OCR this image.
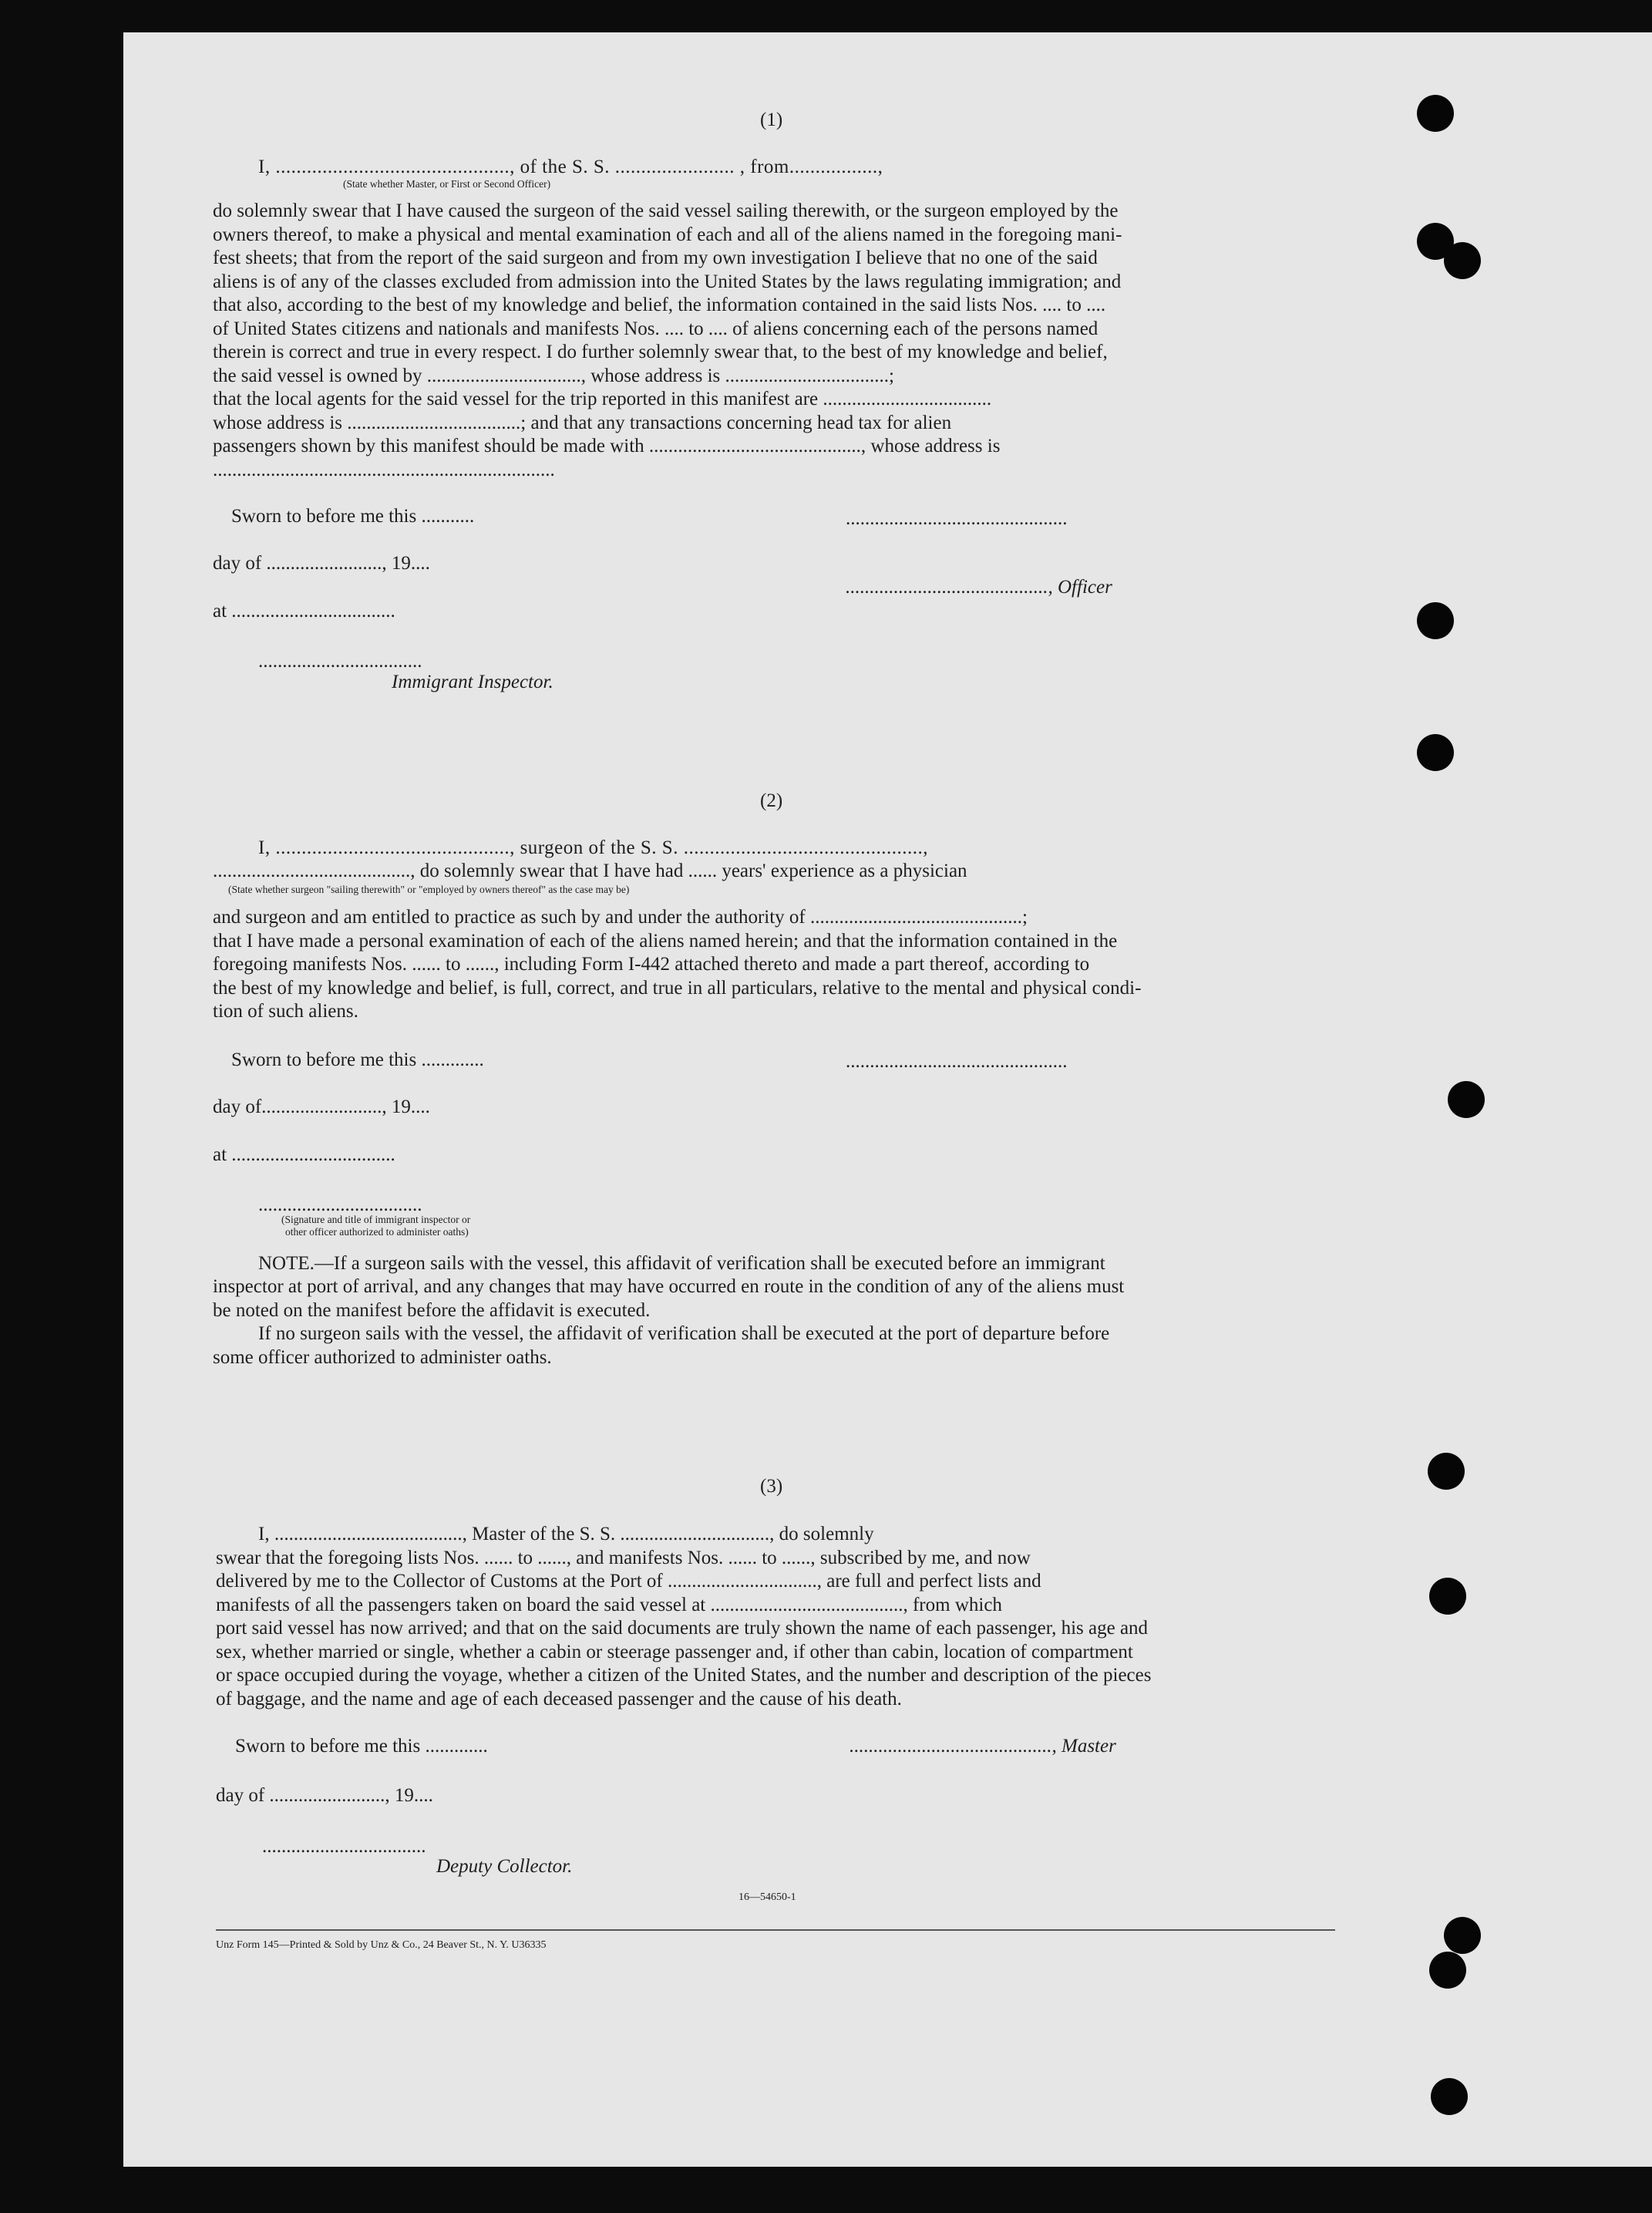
(1)
I, ............................................., of the S. S. ....................... , from.................,
(State whether Master, or First or Second Officer)
do solemnly swear that I have caused the surgeon of the said vessel sailing therewith, or the surgeon employed by the
owners thereof, to make a physical and mental examination of each and all of the aliens named in the foregoing mani-
fest sheets; that from the report of the said surgeon and from my own investigation I believe that no one of the said
aliens is of any of the classes excluded from admission into the United States by the laws regulating immigration; and
that also, according to the best of my knowledge and belief, the information contained in the said lists Nos. .... to ....
of United States citizens and nationals and manifests Nos. .... to .... of aliens concerning each of the persons named
therein is correct and true in every respect. I do further solemnly swear that, to the best of my knowledge and belief,
the said vessel is owned by ................................, whose address is ..................................;
that the local agents for the said vessel for the trip reported in this manifest are ...................................
whose address is ....................................; and that any transactions concerning head tax for alien
passengers shown by this manifest should be made with ............................................, whose address is
.......................................................................
Sworn to before me this ...........	..............................................
day of ........................, 19....
.........................................., Officer
at ..................................
..................................
Immigrant Inspector.
(2)
I, ............................................., surgeon of the S. S. ..............................................,
........................................., do solemnly swear that I have had ...... years' experience as a physician
(State whether surgeon "sailing therewith" or "employed by owners thereof" as the case may be)
and surgeon and am entitled to practice as such by and under the authority of ............................................;
that I have made a personal examination of each of the aliens named herein; and that the information contained in the
foregoing manifests Nos. ...... to ......, including Form I-442 attached thereto and made a part thereof, according to
the best of my knowledge and belief, is full, correct, and true in all particulars, relative to the mental and physical condi-
tion of such aliens.
Sworn to before me this .............	..............................................
day of........................., 19....
at ..................................
..................................
(Signature and title of immigrant inspector or
other officer authorized to administer oaths)
NOTE.—If a surgeon sails with the vessel, this affidavit of verification shall be executed before an immigrant
inspector at port of arrival, and any changes that may have occurred en route in the condition of any of the aliens must
be noted on the manifest before the affidavit is executed.
If no surgeon sails with the vessel, the affidavit of verification shall be executed at the port of departure before
some officer authorized to administer oaths.
(3)
I, ......................................., Master of the S. S. ..............................., do solemnly
swear that the foregoing lists Nos. ...... to ......, and manifests Nos. ...... to ......, subscribed by me, and now
delivered by me to the Collector of Customs at the Port of ..............................., are full and perfect lists and
manifests of all the passengers taken on board the said vessel at ........................................, from which
port said vessel has now arrived; and that on the said documents are truly shown the name of each passenger, his age and
sex, whether married or single, whether a cabin or steerage passenger and, if other than cabin, location of compartment
or space occupied during the voyage, whether a citizen of the United States, and the number and description of the pieces
of baggage, and the name and age of each deceased passenger and the cause of his death.
Sworn to before me this .............	.........................................., Master
day of ........................, 19....
..................................
Deputy Collector.
16—54650-1
Unz Form 145—Printed & Sold by Unz & Co., 24 Beaver St., N. Y. U36335
